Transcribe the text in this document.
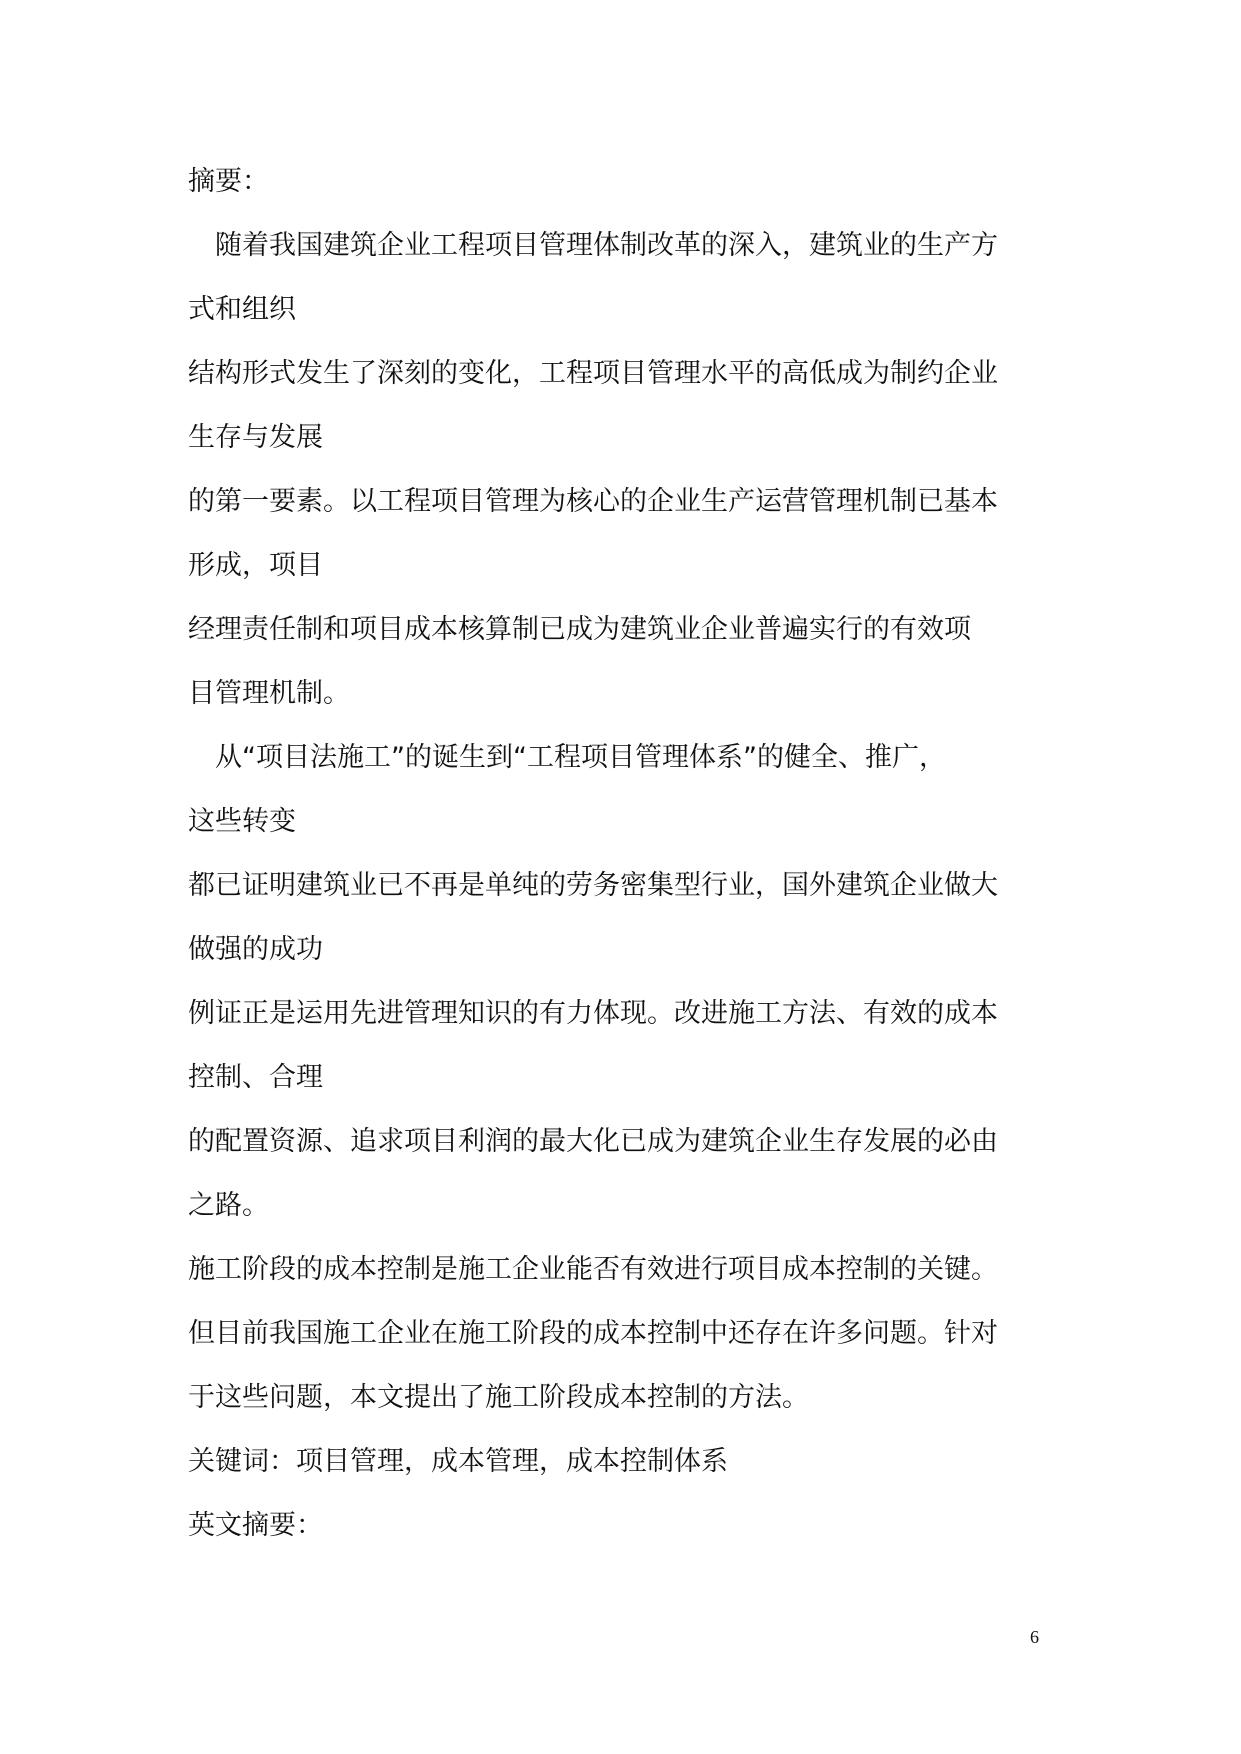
摘要：
　随着我国建筑企业工程项目管理体制改革的深入，建筑业的生产方
式和组织
结构形式发生了深刻的变化，工程项目管理水平的高低成为制约企业
生存与发展
的第一要素。以工程项目管理为核心的企业生产运营管理机制已基本
形成，项目
经理责任制和项目成本核算制已成为建筑业企业普遍实行的有效项
目管理机制。
　从“项目法施工”的诞生到“工程项目管理体系”的健全、推广，
这些转变
都已证明建筑业已不再是单纯的劳务密集型行业，国外建筑企业做大
做强的成功
例证正是运用先进管理知识的有力体现。改进施工方法、有效的成本
控制、合理
的配置资源、追求项目利润的最大化已成为建筑企业生存发展的必由
之路。
施工阶段的成本控制是施工企业能否有效进行项目成本控制的关键。
但目前我国施工企业在施工阶段的成本控制中还存在许多问题。针对
于这些问题，本文提出了施工阶段成本控制的方法。
关键词：项目管理，成本管理，成本控制体系
英文摘要：
6
